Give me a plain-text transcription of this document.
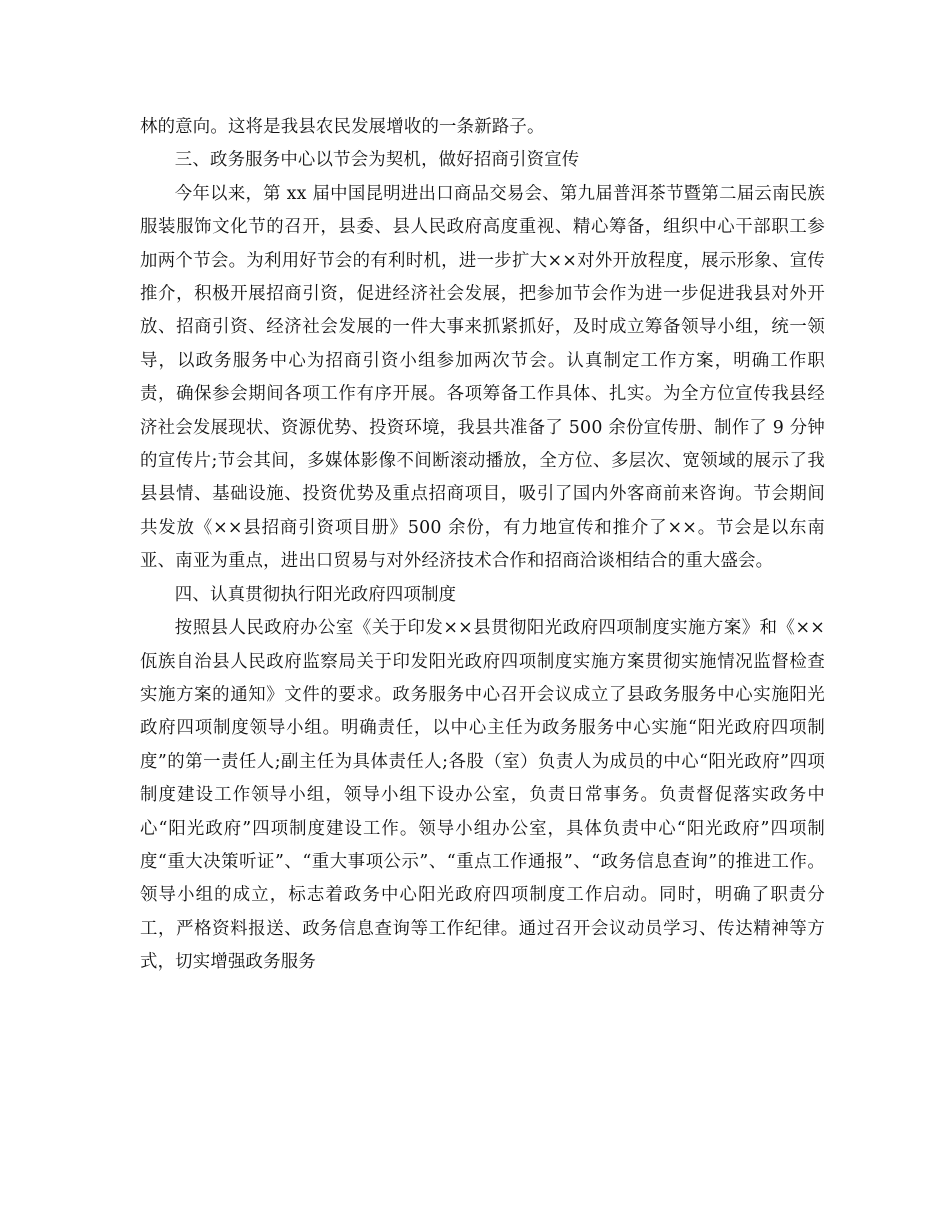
林的意向。这将是我县农民发展增收的一条新路子。

三、政务服务中心以节会为契机，做好招商引资宣传

今年以来，第 xx 届中国昆明进出口商品交易会、第九届普洱茶节暨第二届云南民族服装服饰文化节的召开，县委、县人民政府高度重视、精心筹备，组织中心干部职工参加两个节会。为利用好节会的有利时机，进一步扩大××对外开放程度，展示形象、宣传推介，积极开展招商引资，促进经济社会发展，把参加节会作为进一步促进我县对外开放、招商引资、经济社会发展的一件大事来抓紧抓好，及时成立筹备领导小组，统一领导，以政务服务中心为招商引资小组参加两次节会。认真制定工作方案，明确工作职责，确保参会期间各项工作有序开展。各项筹备工作具体、扎实。为全方位宣传我县经济社会发展现状、资源优势、投资环境，我县共准备了 500 余份宣传册、制作了 9 分钟的宣传片;节会其间，多媒体影像不间断滚动播放，全方位、多层次、宽领域的展示了我县县情、基础设施、投资优势及重点招商项目，吸引了国内外客商前来咨询。节会期间共发放《××县招商引资项目册》500 余份，有力地宣传和推介了××。节会是以东南亚、南亚为重点，进出口贸易与对外经济技术合作和招商洽谈相结合的重大盛会。

四、认真贯彻执行阳光政府四项制度

按照县人民政府办公室《关于印发××县贯彻阳光政府四项制度实施方案》和《××佤族自治县人民政府监察局关于印发阳光政府四项制度实施方案贯彻实施情况监督检查实施方案的通知》文件的要求。政务服务中心召开会议成立了县政务服务中心实施阳光政府四项制度领导小组。明确责任，以中心主任为政务服务中心实施“阳光政府四项制度”的第一责任人;副主任为具体责任人;各股（室）负责人为成员的中心“阳光政府”四项制度建设工作领导小组，领导小组下设办公室，负责日常事务。负责督促落实政务中心“阳光政府”四项制度建设工作。领导小组办公室，具体负责中心“阳光政府”四项制度“重大决策听证”、“重大事项公示”、“重点工作通报”、“政务信息查询”的推进工作。领导小组的成立，标志着政务中心阳光政府四项制度工作启动。同时，明确了职责分工，严格资料报送、政务信息查询等工作纪律。通过召开会议动员学习、传达精神等方式，切实增强政务服务
